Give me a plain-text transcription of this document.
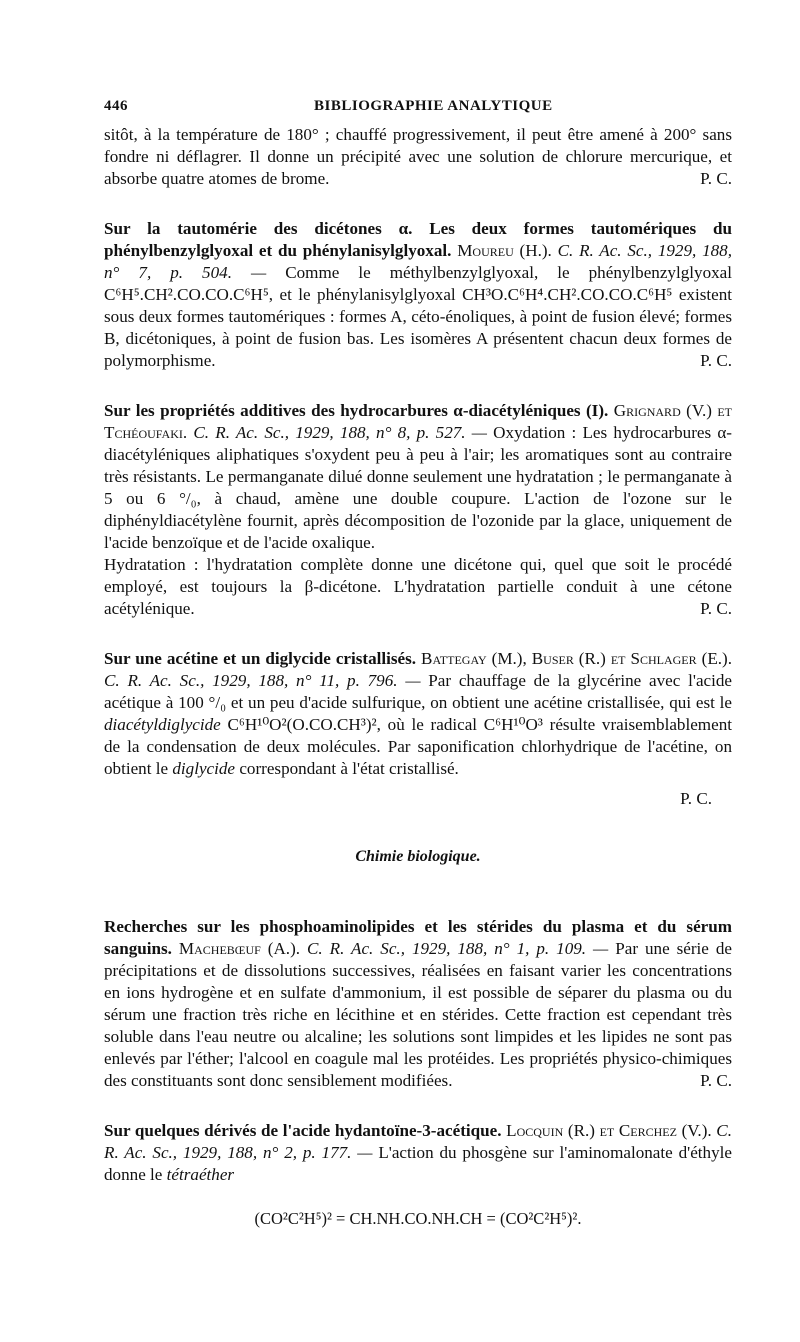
446	BIBLIOGRAPHIE ANALYTIQUE

sitôt, à la température de 180° ; chauffé progressivement, il peut être amené à 200° sans fondre ni déflagrer. Il donne un précipité avec une solution de chlorure mercurique, et absorbe quatre atomes de brome.	P. C.

Sur la tautomérie des dicétones α. Les deux formes tautomériques du phénylbenzylglyoxal et du phénylanisylglyoxal. Moureu (H.). C. R. Ac. Sc., 1929, 188, n° 7, p. 504. — Comme le méthylbenzylglyoxal, le phénylbenzylglyoxal C⁶H⁵.CH².CO.CO.C⁶H⁵, et le phénylanisylglyoxal CH³O.C⁶H⁴.CH².CO.CO.C⁶H⁵ existent sous deux formes tautomériques : formes A, céto-énoliques, à point de fusion élevé; formes B, dicétoniques, à point de fusion bas. Les isomères A présentent chacun deux formes de polymorphisme.	P. C.

Sur les propriétés additives des hydrocarbures α-diacétyléniques (I). Grignard (V.) et Tchéoufaki. C. R. Ac. Sc., 1929, 188, n° 8, p. 527. — Oxydation : Les hydrocarbures α-diacétyléniques aliphatiques s'oxydent peu à peu à l'air; les aromatiques sont au contraire très résistants. Le permanganate dilué donne seulement une hydratation ; le permanganate à 5 ou 6 °/₀, à chaud, amène une double coupure. L'action de l'ozone sur le diphényldiacétylène fournit, après décomposition de l'ozonide par la glace, uniquement de l'acide benzoïque et de l'acide oxalique.

Hydratation : l'hydratation complète donne une dicétone qui, quel que soit le procédé employé, est toujours la β-dicétone. L'hydratation partielle conduit à une cétone acétylénique.	P. C.

Sur une acétine et un diglycide cristallisés. Battegay (M.), Buser (R.) et Schlager (E.). C. R. Ac. Sc., 1929, 188, n° 11, p. 796. — Par chauffage de la glycérine avec l'acide acétique à 100 °/₀ et un peu d'acide sulfurique, on obtient une acétine cristallisée, qui est le diacétyldiglycide C⁶H¹⁰O²(O.CO.CH³)², où le radical C⁶H¹⁰O³ résulte vraisemblablement de la condensation de deux molécules. Par saponification chlorhydrique de l'acétine, on obtient le diglycide correspondant à l'état cristallisé.

P. C.

Chimie biologique.

Recherches sur les phosphoaminolipides et les stérides du plasma et du sérum sanguins. Machebœuf (A.). C. R. Ac. Sc., 1929, 188, n° 1, p. 109. — Par une série de précipitations et de dissolutions successives, réalisées en faisant varier les concentrations en ions hydrogène et en sulfate d'ammonium, il est possible de séparer du plasma ou du sérum une fraction très riche en lécithine et en stérides. Cette fraction est cependant très soluble dans l'eau neutre ou alcaline; les solutions sont limpides et les lipides ne sont pas enlevés par l'éther; l'alcool en coagule mal les protéides. Les propriétés physico-chimiques des constituants sont donc sensiblement modifiées.	P. C.

Sur quelques dérivés de l'acide hydantoïne-3-acétique. Locquin (R.) et Cerchez (V.). C. R. Ac. Sc., 1929, 188, n° 2, p. 177. — L'action du phosgène sur l'aminomalonate d'éthyle donne le tétraéther

(CO²C²H⁵)² = CH.NH.CO.NH.CH = (CO²C²H⁵)².
